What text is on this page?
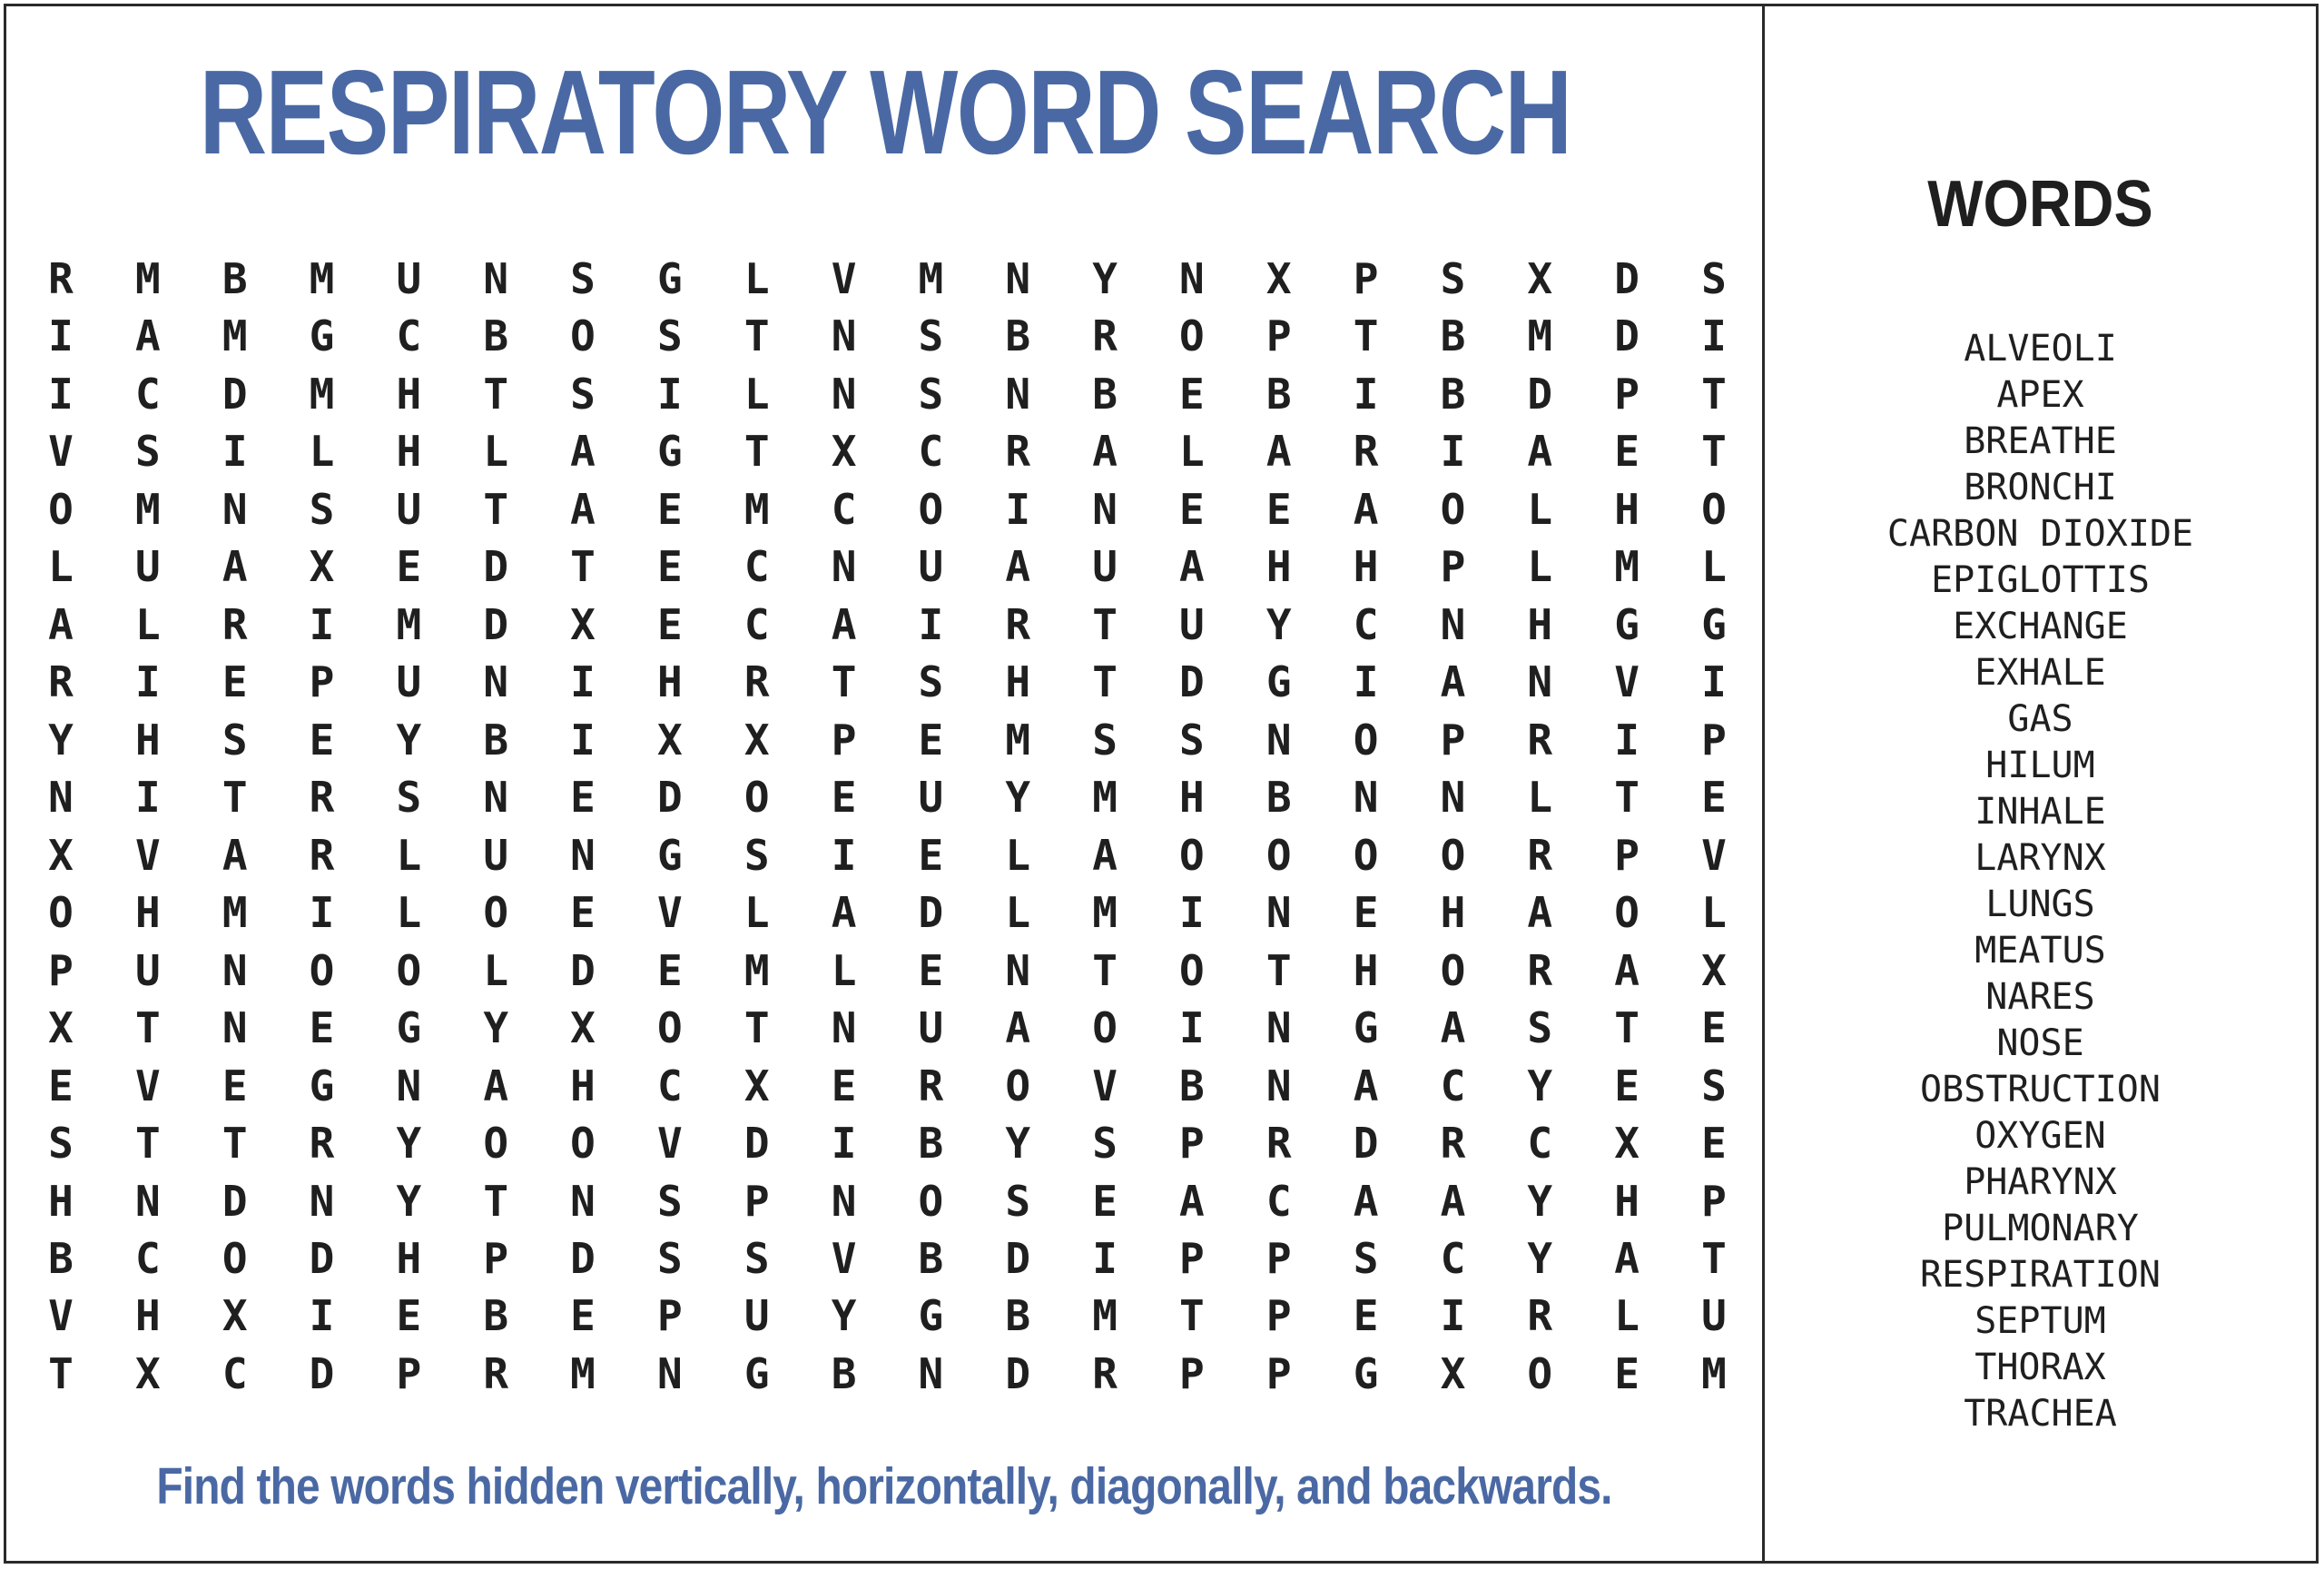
RESPIRATORY WORD SEARCH
R	M	B	M	U	N	S	G	L	V	M	N	Y	N	X	P	S	X	D	S
I	A	M	G	C	B	O	S	T	N	S	B	R	O	P	T	B	M	D	I
I	C	D	M	H	T	S	I	L	N	S	N	B	E	B	I	B	D	P	T
V	S	I	L	H	L	A	G	T	X	C	R	A	L	A	R	I	A	E	T
O	M	N	S	U	T	A	E	M	C	O	I	N	E	E	A	O	L	H	O
L	U	A	X	E	D	T	E	C	N	U	A	U	A	H	H	P	L	M	L
A	L	R	I	M	D	X	E	C	A	I	R	T	U	Y	C	N	H	G	G
R	I	E	P	U	N	I	H	R	T	S	H	T	D	G	I	A	N	V	I
Y	H	S	E	Y	B	I	X	X	P	E	M	S	S	N	O	P	R	I	P
N	I	T	R	S	N	E	D	O	E	U	Y	M	H	B	N	N	L	T	E
X	V	A	R	L	U	N	G	S	I	E	L	A	O	O	O	O	R	P	V
O	H	M	I	L	O	E	V	L	A	D	L	M	I	N	E	H	A	O	L
P	U	N	O	O	L	D	E	M	L	E	N	T	O	T	H	O	R	A	X
X	T	N	E	G	Y	X	O	T	N	U	A	O	I	N	G	A	S	T	E
E	V	E	G	N	A	H	C	X	E	R	O	V	B	N	A	C	Y	E	S
S	T	T	R	Y	O	O	V	D	I	B	Y	S	P	R	D	R	C	X	E
H	N	D	N	Y	T	N	S	P	N	O	S	E	A	C	A	A	Y	H	P
B	C	O	D	H	P	D	S	S	V	B	D	I	P	P	S	C	Y	A	T
V	H	X	I	E	B	E	P	U	Y	G	B	M	T	P	E	I	R	L	U
T	X	C	D	P	R	M	N	G	B	N	D	R	P	P	G	X	O	E	M

Find the words hidden vertically, horizontally, diagonally, and backwards.

WORDS
ALVEOLI
APEX
BREATHE
BRONCHI
CARBON DIOXIDE
EPIGLOTTIS
EXCHANGE
EXHALE
GAS
HILUM
INHALE
LARYNX
LUNGS
MEATUS
NARES
NOSE
OBSTRUCTION
OXYGEN
PHARYNX
PULMONARY
RESPIRATION
SEPTUM
THORAX
TRACHEA
